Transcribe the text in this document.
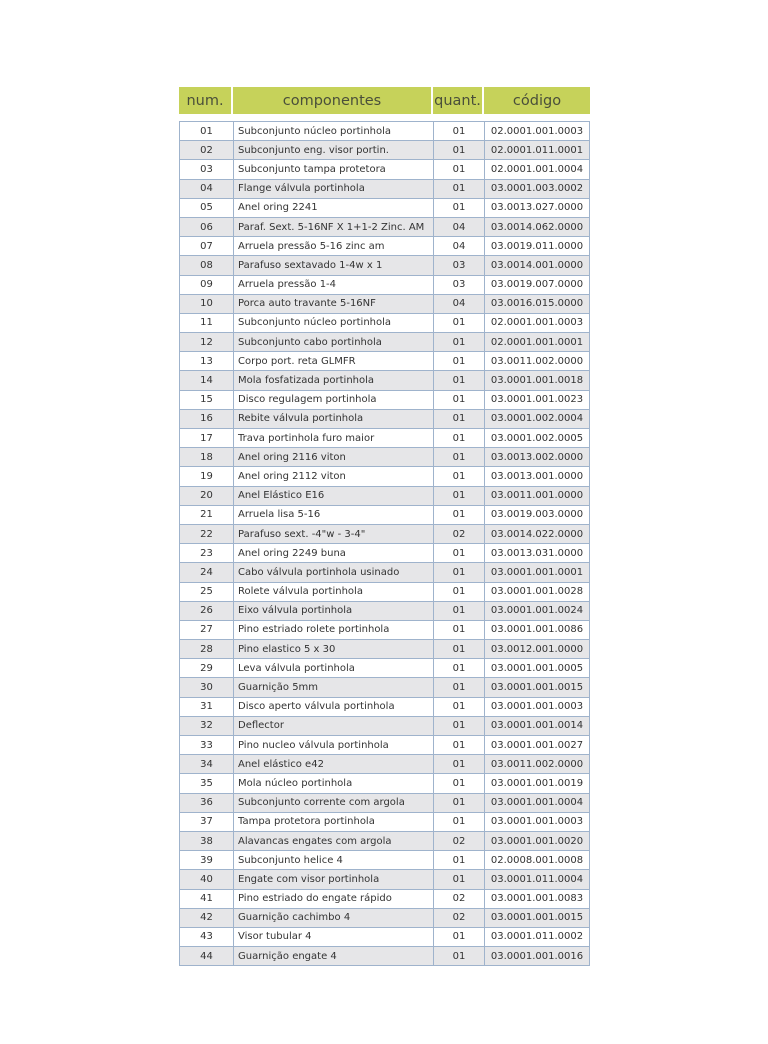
num.	componentes	quant.	código
01	Subconjunto núcleo portinhola	01	02.0001.001.0003
02	Subconjunto eng. visor portin.	01	02.0001.011.0001
03	Subconjunto tampa protetora	01	02.0001.001.0004
04	Flange válvula portinhola	01	03.0001.003.0002
05	Anel oring 2241	01	03.0013.027.0000
06	Paraf. Sext. 5-16NF X 1+1-2 Zinc. AM	04	03.0014.062.0000
07	Arruela pressão 5-16 zinc am	04	03.0019.011.0000
08	Parafuso sextavado 1-4w x 1	03	03.0014.001.0000
09	Arruela pressão 1-4	03	03.0019.007.0000
10	Porca auto travante 5-16NF	04	03.0016.015.0000
11	Subconjunto núcleo portinhola	01	02.0001.001.0003
12	Subconjunto cabo portinhola	01	02.0001.001.0001
13	Corpo port. reta GLMFR	01	03.0011.002.0000
14	Mola fosfatizada portinhola	01	03.0001.001.0018
15	Disco regulagem portinhola	01	03.0001.001.0023
16	Rebite válvula portinhola	01	03.0001.002.0004
17	Trava portinhola furo maior	01	03.0001.002.0005
18	Anel oring 2116 viton	01	03.0013.002.0000
19	Anel oring 2112 viton	01	03.0013.001.0000
20	Anel Elástico E16	01	03.0011.001.0000
21	Arruela lisa 5-16	01	03.0019.003.0000
22	Parafuso sext. -4"w - 3-4"	02	03.0014.022.0000
23	Anel oring 2249 buna	01	03.0013.031.0000
24	Cabo válvula portinhola usinado	01	03.0001.001.0001
25	Rolete válvula portinhola	01	03.0001.001.0028
26	Eixo válvula portinhola	01	03.0001.001.0024
27	Pino estriado rolete portinhola	01	03.0001.001.0086
28	Pino elastico 5 x 30	01	03.0012.001.0000
29	Leva válvula portinhola	01	03.0001.001.0005
30	Guarnição 5mm	01	03.0001.001.0015
31	Disco aperto válvula portinhola	01	03.0001.001.0003
32	Deflector	01	03.0001.001.0014
33	Pino nucleo válvula portinhola	01	03.0001.001.0027
34	Anel elástico e42	01	03.0011.002.0000
35	Mola núcleo portinhola	01	03.0001.001.0019
36	Subconjunto corrente com argola	01	03.0001.001.0004
37	Tampa protetora portinhola	01	03.0001.001.0003
38	Alavancas engates com argola	02	03.0001.001.0020
39	Subconjunto helice 4	01	02.0008.001.0008
40	Engate com visor portinhola	01	03.0001.011.0004
41	Pino estriado do engate rápido	02	03.0001.001.0083
42	Guarnição cachimbo 4	02	03.0001.001.0015
43	Visor tubular 4	01	03.0001.011.0002
44	Guarnição engate 4	01	03.0001.001.0016
